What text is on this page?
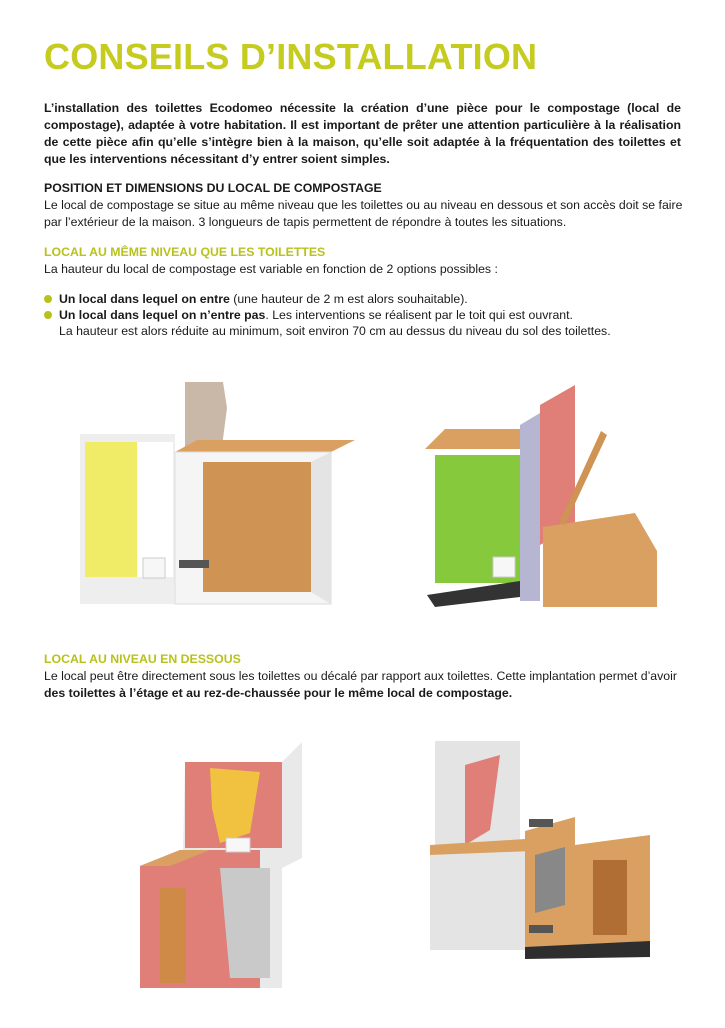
CONSEILS D’INSTALLATION

L’installation des toilettes Ecodomeo nécessite la création d’une pièce pour le compostage (local de compostage), adaptée à votre habitation. Il est important de prêter une attention particulière à la réalisation de cette pièce afin qu’elle s’intègre bien à la maison, qu’elle soit adaptée à la fréquentation des toilettes et que les interventions nécessitant d’y entrer soient simples.

POSITION ET DIMENSIONS DU LOCAL DE COMPOSTAGE
Le local de compostage se situe au même niveau que les toilettes ou au niveau en dessous et son accès doit se faire par l’extérieur de la maison. 3 longueurs de tapis permettent de répondre à toutes les situations.
LOCAL AU MÊME NIVEAU QUE LES TOILETTES
La hauteur du local de compostage est variable en fonction de 2 options possibles :
Un local dans lequel on entre (une hauteur de 2 m est alors souhaitable).
Un local dans lequel on n’entre pas. Les interventions se réalisent par le toit qui est ouvrant.
La hauteur est alors réduite au minimum, soit environ 70 cm au dessus du niveau du sol des toilettes.
LOCAL AU NIVEAU EN DESSOUS
Le local peut être directement sous les toilettes ou décalé par rapport aux toilettes. Cette implantation permet d’avoir des toilettes à l’étage et au rez-de-chaussée pour le même local de compostage.
